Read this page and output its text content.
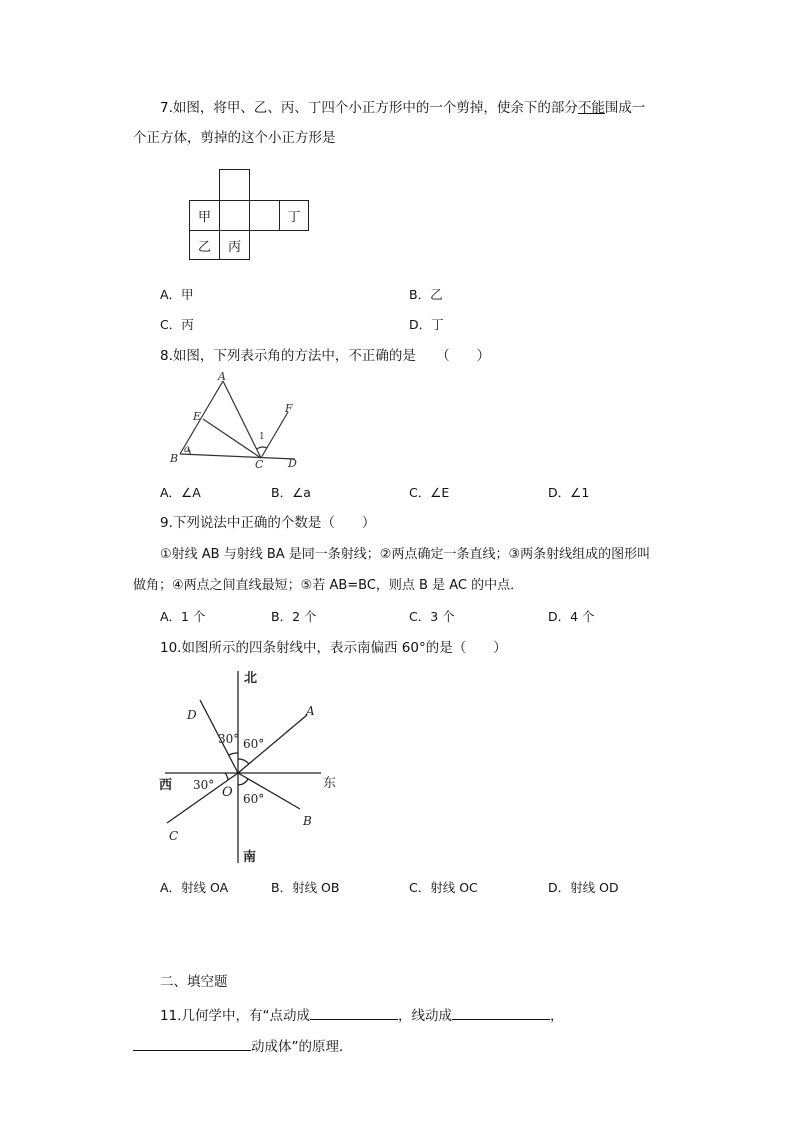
7.如图，将甲、乙、丙、丁四个小正方形中的一个剪掉，使余下的部分不能围成一
个正方体，剪掉的这个小正方形是
甲	丁
乙	丙
A．甲	B．乙
C．丙	D．丁
8.如图，下列表示角的方法中，不正确的是　　（　　）
A
E
F
B	C D
a
1
A．∠A	B．∠a	C．∠E	D．∠1
9.下列说法中正确的个数是（　　）
①射线 AB 与射线 BA 是同一条射线；②两点确定一条直线；③两条射线组成的图形叫
做角；④两点之间直线最短；⑤若 AB=BC，则点 B 是 AC 的中点．
A．1 个	B．2 个	C．3 个	D．4 个
10.如图所示的四条射线中，表示南偏西 60°的是（　　）
北
南
西	东
O
A
B
C
D
30° 60°
30°
60°
A．射线 OA	B．射线 OB	C．射线 OC	D．射线 OD
二、填空题
11.几何学中，有“点动成	，线动成	，
动成体”的原理．
